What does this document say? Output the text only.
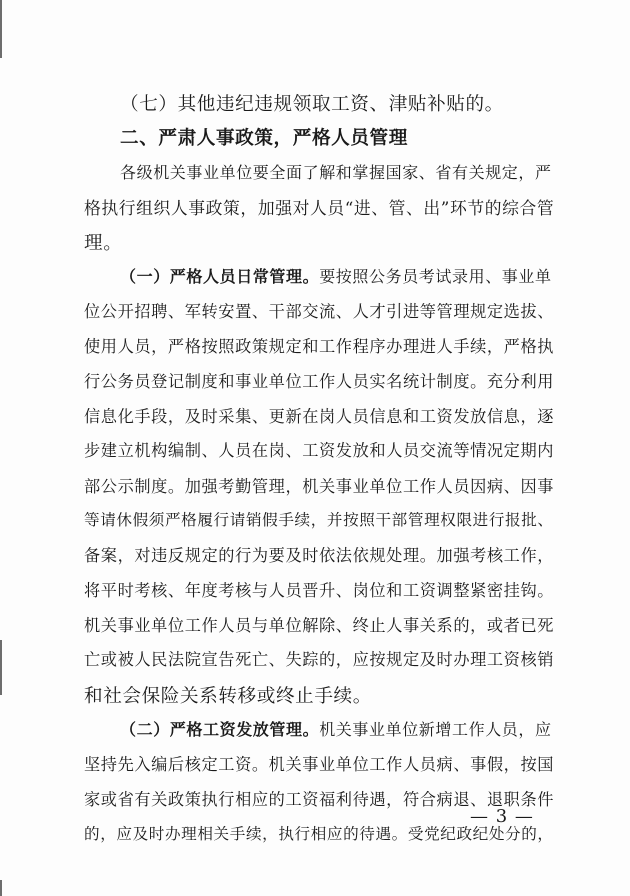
（七）其他违纪违规领取工资、津贴补贴的。
二、严肃人事政策，严格人员管理
各级机关事业单位要全面了解和掌握国家、省有关规定，严
格执行组织人事政策，加强对人员“进、管、出”环节的综合管
理。
（一）严格人员日常管理。要按照公务员考试录用、事业单
位公开招聘、军转安置、干部交流、人才引进等管理规定选拔、
使用人员，严格按照政策规定和工作程序办理进人手续，严格执
行公务员登记制度和事业单位工作人员实名统计制度。充分利用
信息化手段，及时采集、更新在岗人员信息和工资发放信息，逐
步建立机构编制、人员在岗、工资发放和人员交流等情况定期内
部公示制度。加强考勤管理，机关事业单位工作人员因病、因事
等请休假须严格履行请销假手续，并按照干部管理权限进行报批、
备案，对违反规定的行为要及时依法依规处理。加强考核工作，
将平时考核、年度考核与人员晋升、岗位和工资调整紧密挂钩。
机关事业单位工作人员与单位解除、终止人事关系的，或者已死
亡或被人民法院宣告死亡、失踪的，应按规定及时办理工资核销
和社会保险关系转移或终止手续。
（二）严格工资发放管理。机关事业单位新增工作人员，应
坚持先入编后核定工资。机关事业单位工作人员病、事假，按国
家或省有关政策执行相应的工资福利待遇，符合病退、退职条件
的，应及时办理相关手续，执行相应的待遇。受党纪政纪处分的，
— 3 —
